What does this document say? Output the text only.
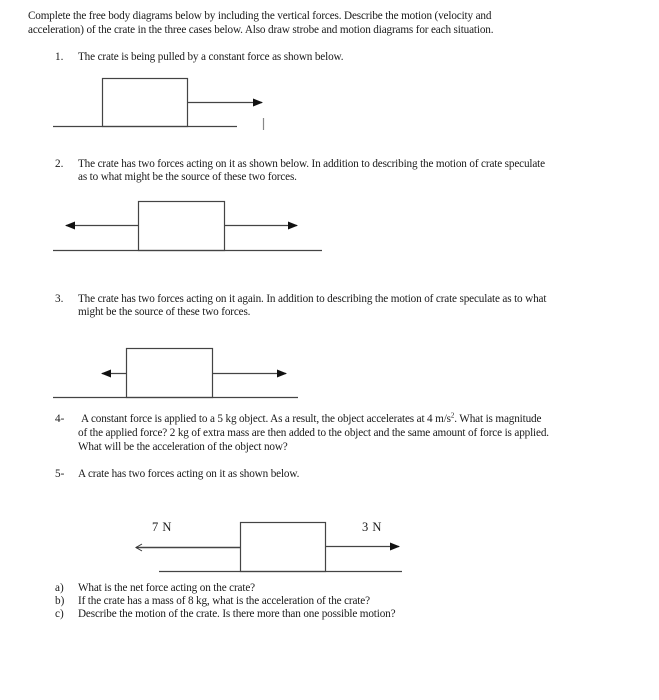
Complete the free body diagrams below by including the vertical forces. Describe the motion (velocity and
acceleration) of the crate in the three cases below. Also draw strobe and motion diagrams for each situation.
1. The crate is being pulled by a constant force as shown below.
2. The crate has two forces acting on it as shown below. In addition to describing the motion of crate speculate
as to what might be the source of these two forces.
3. The crate has two forces acting on it again. In addition to describing the motion of crate speculate as to what
might be the source of these two forces.
4- A constant force is applied to a 5 kg object. As a result, the object accelerates at 4 $m/s^2$. What is magnitude
of the applied force? 2 kg of extra mass are then added to the object and the same amount of force is applied.
What will be the acceleration of the object now?
5- A crate has two forces acting on it as shown below.
7 N	3 N
a) What is the net force acting on the crate?
b) If the crate has a mass of 8 kg, what is the acceleration of the crate?
c) Describe the motion of the crate. Is there more than one possible motion?
